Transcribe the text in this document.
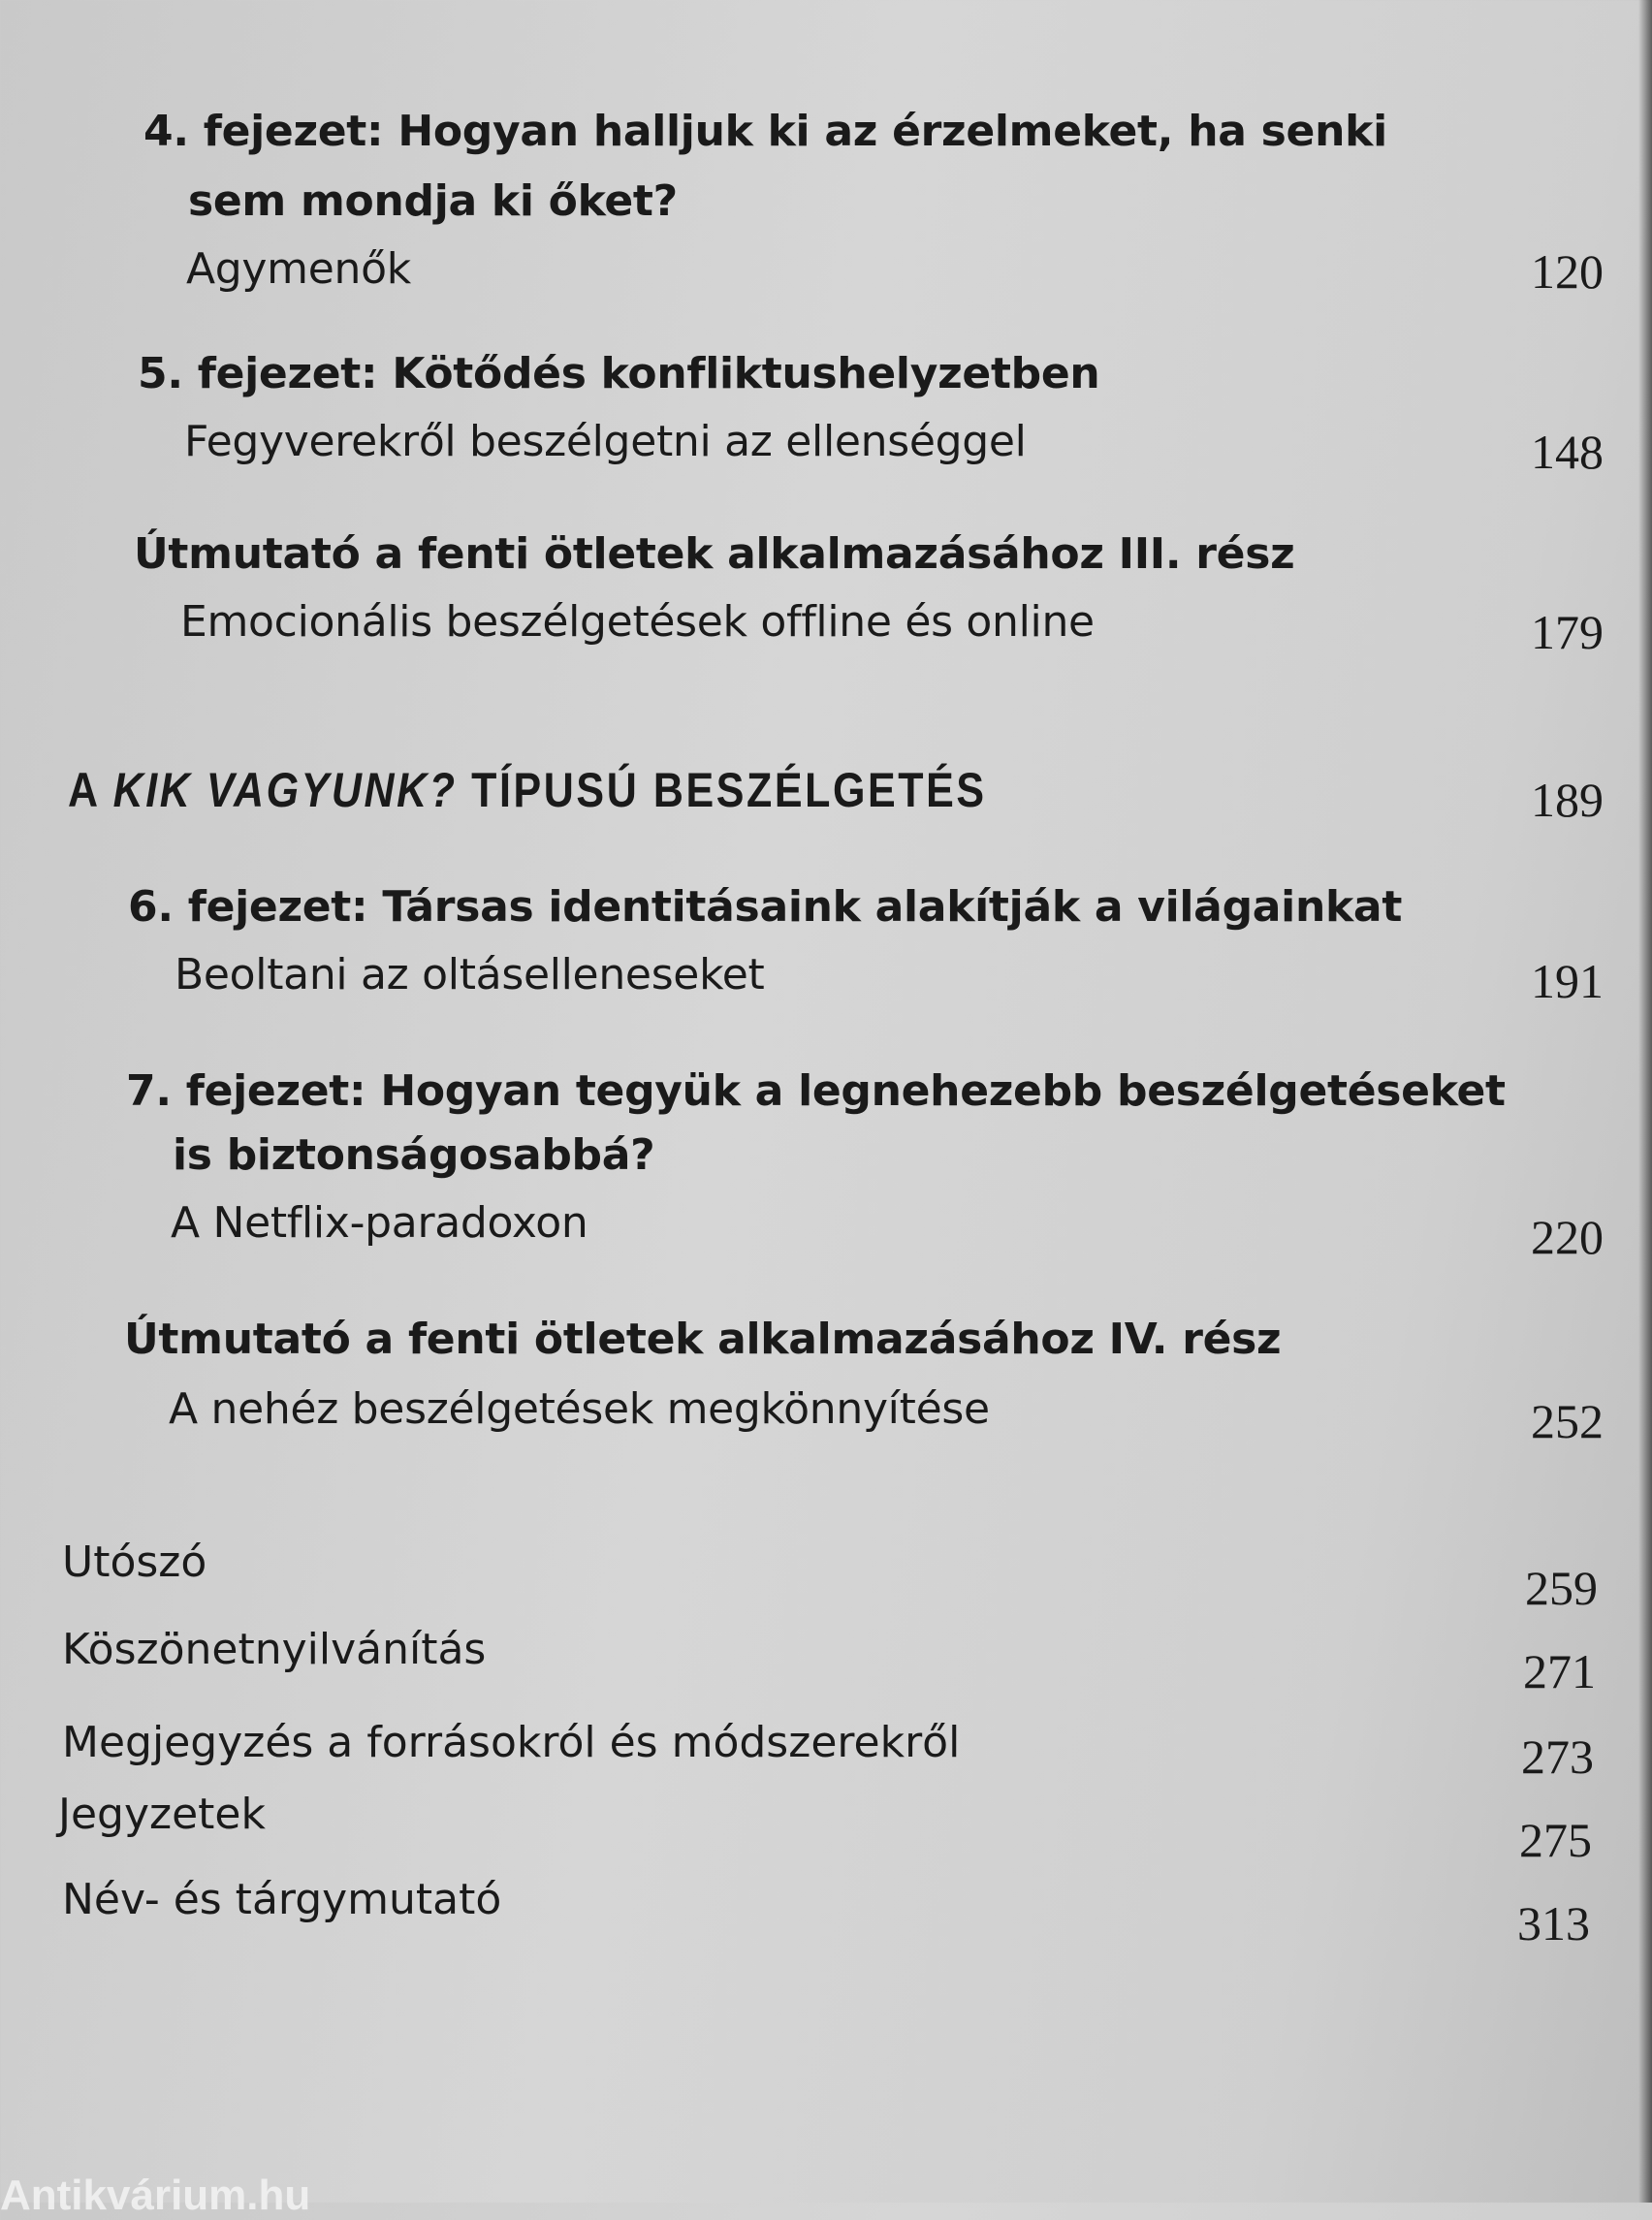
4. fejezet: Hogyan halljuk ki az érzelmeket, ha senki
sem mondja ki őket?
Agymenők	120
5. fejezet: Kötődés konfliktushelyzetben
Fegyverekről beszélgetni az ellenséggel	148
Útmutató a fenti ötletek alkalmazásához III. rész
Emocionális beszélgetések offline és online	179
A KIK VAGYUNK? TÍPUSÚ BESZÉLGETÉS	189
6. fejezet: Társas identitásaink alakítják a világainkat
Beoltani az oltáselleneseket	191
7. fejezet: Hogyan tegyük a legnehezebb beszélgetéseket
is biztonságosabbá?
A Netflix-paradoxon	220
Útmutató a fenti ötletek alkalmazásához IV. rész
A nehéz beszélgetések megkönnyítése	252
Utószó	259
Köszönetnyilvánítás	271
Megjegyzés a forrásokról és módszerekről	273
Jegyzetek	275
Név- és tárgymutató	313
Antikvárium.hu
